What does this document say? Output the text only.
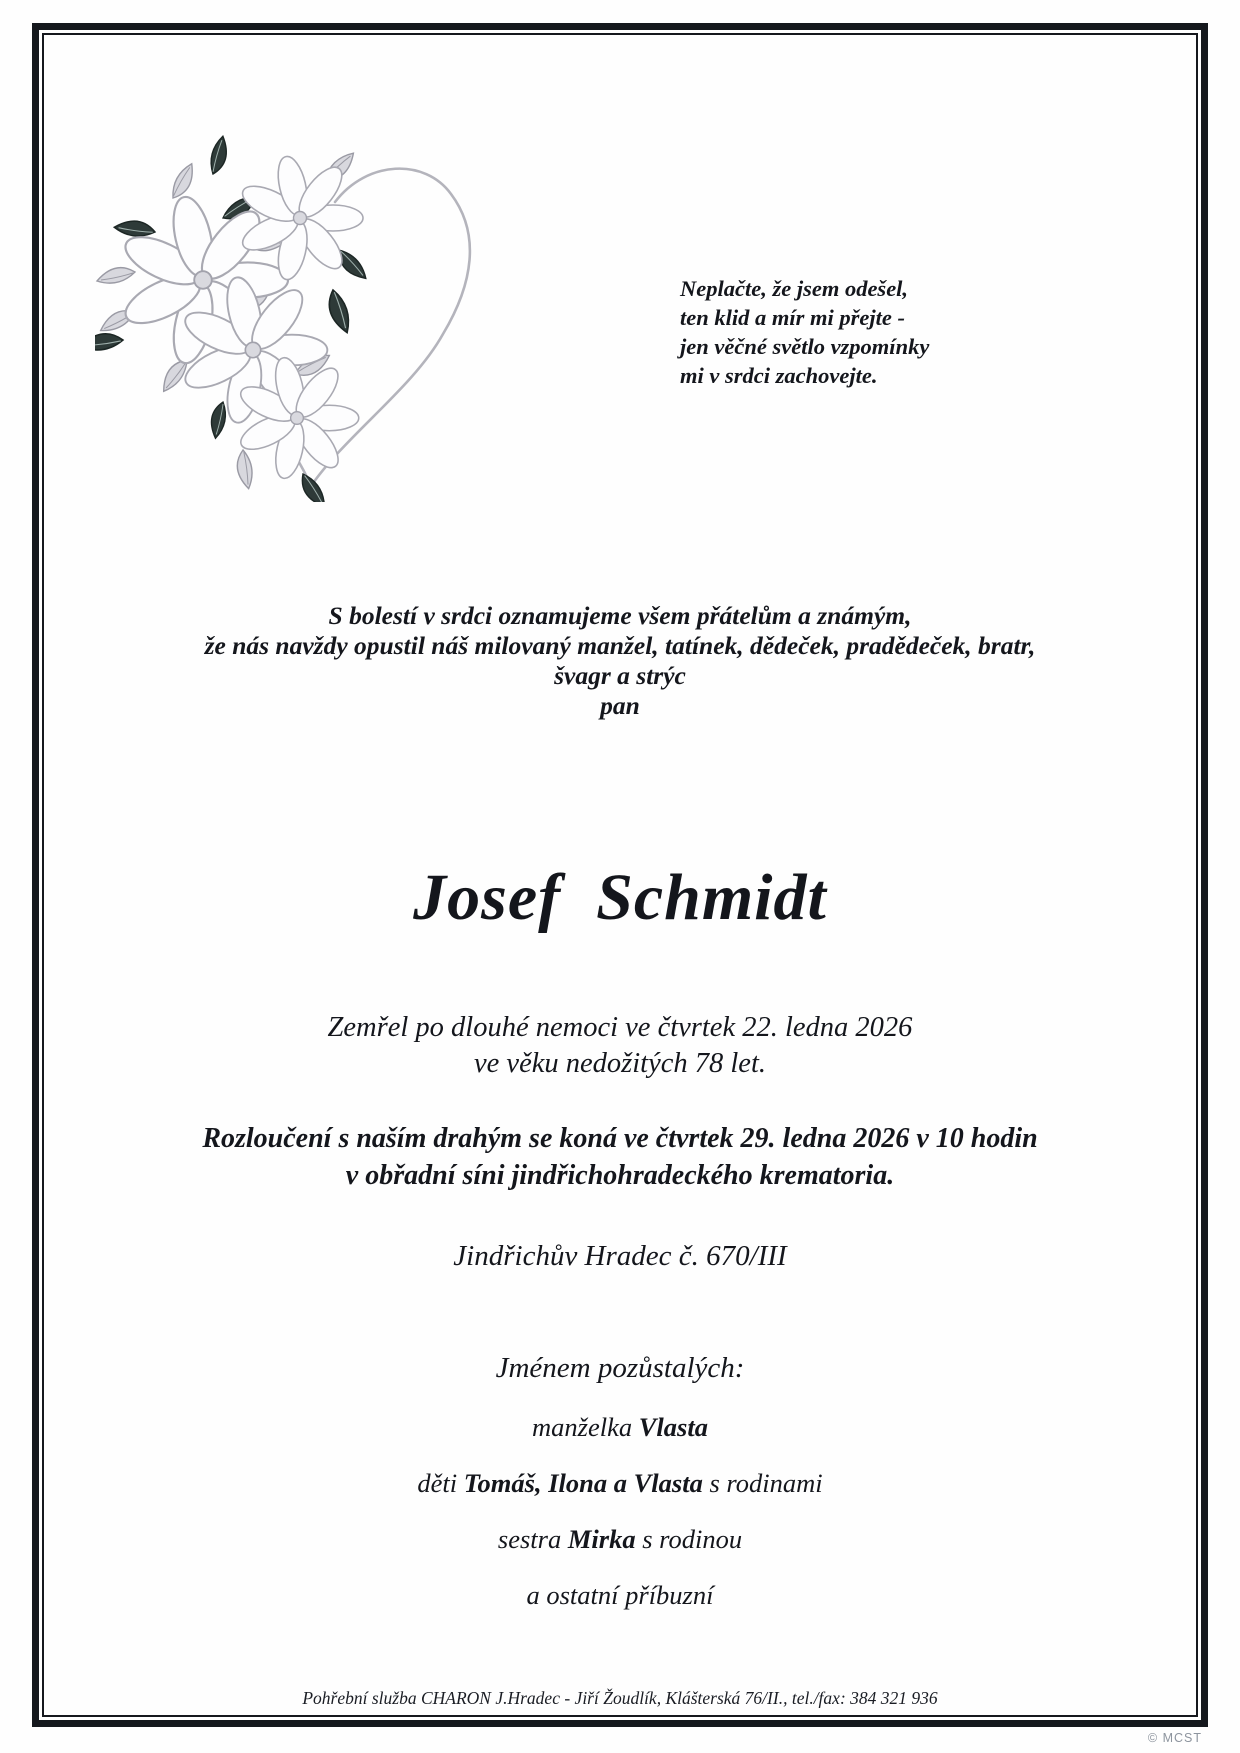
Neplačte, že jsem odešel,
ten klid a mír mi přejte -
jen věčné světlo vzpomínky
mi v srdci zachovejte.
S bolestí v srdci oznamujeme všem přátelům a známým,
že nás navždy opustil náš milovaný manžel, tatínek, dědeček, pradědeček, bratr,
švagr a strýc
pan
Josef  Schmidt
Zemřel po dlouhé nemoci ve čtvrtek 22. ledna 2026
ve věku nedožitých 78 let.
Rozloučení s naším drahým se koná ve čtvrtek 29. ledna 2026 v 10 hodin
v obřadní síni jindřichohradeckého krematoria.
Jindřichův Hradec č. 670/III
Jménem pozůstalých:
manželka Vlasta
děti Tomáš, Ilona a Vlasta s rodinami
sestra Mirka s rodinou
a ostatní příbuzní
Pohřební služba CHARON J.Hradec - Jiří Žoudlík, Klášterská 76/II., tel./fax: 384 321 936
© MCST
